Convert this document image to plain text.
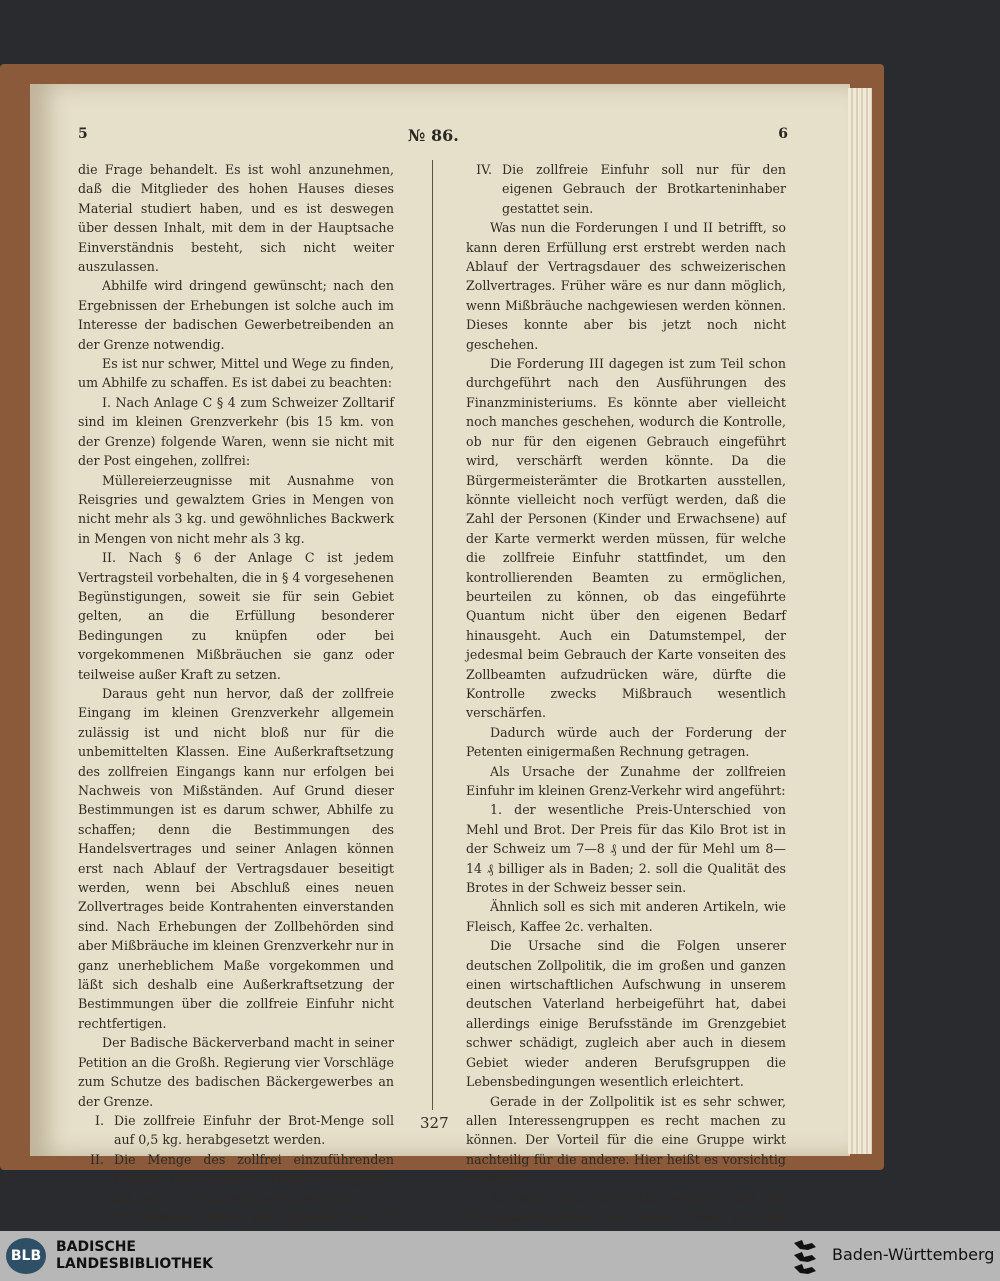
5	№ 86.	6

die Frage behandelt. Es ist wohl anzunehmen, daß die Mitglieder des hohen Hauses dieses Material studiert haben, und es ist deswegen über dessen Inhalt, mit dem in der Hauptsache Einverständnis besteht, sich nicht weiter auszulassen.

Abhilfe wird dringend gewünscht; nach den Ergebnissen der Erhebungen ist solche auch im Interesse der badischen Gewerbetreibenden an der Grenze notwendig.

Es ist nur schwer, Mittel und Wege zu finden, um Abhilfe zu schaffen. Es ist dabei zu beachten:

I. Nach Anlage C § 4 zum Schweizer Zolltarif sind im kleinen Grenzverkehr (bis 15 km. von der Grenze) folgende Waren, wenn sie nicht mit der Post eingehen, zollfrei:

Müllereierzeugnisse mit Ausnahme von Reisgries und gewalztem Gries in Mengen von nicht mehr als 3 kg. und gewöhnliches Backwerk in Mengen von nicht mehr als 3 kg.

II. Nach § 6 der Anlage C ist jedem Vertragsteil vorbehalten, die in § 4 vorgesehenen Begünstigungen, soweit sie für sein Gebiet gelten, an die Erfüllung besonderer Bedingungen zu knüpfen oder bei vorgekommenen Mißbräuchen sie ganz oder teilweise außer Kraft zu setzen.

Daraus geht nun hervor, daß der zollfreie Eingang im kleinen Grenzverkehr allgemein zulässig ist und nicht bloß nur für die unbemittelten Klassen. Eine Außerkraftsetzung des zollfreien Eingangs kann nur erfolgen bei Nachweis von Mißständen. Auf Grund dieser Bestimmungen ist es darum schwer, Abhilfe zu schaffen; denn die Bestimmungen des Handelsvertrages und seiner Anlagen können erst nach Ablauf der Vertragsdauer beseitigt werden, wenn bei Abschluß eines neuen Zollvertrages beide Kontrahenten einverstanden sind. Nach Erhebungen der Zollbehörden sind aber Mißbräuche im kleinen Grenzverkehr nur in ganz unerheblichem Maße vorgekommen und läßt sich deshalb eine Außerkraftsetzung der Bestimmungen über die zollfreie Einfuhr nicht rechtfertigen.

Der Badische Bäckerverband macht in seiner Petition an die Großh. Regierung vier Vorschläge zum Schutze des badischen Bäckergewerbes an der Grenze.

I. Die zollfreie Einfuhr der Brot-Menge soll auf 0,5 kg. herabgesetzt werden.
II. Die Menge des zollfrei einzuführenden Mehles oder anderer Müllereierzeugnisse soll auf 1,5 kg. herabgesetzt werden.
III. Die zollfreie Einfuhr soll allgemein nur auf
IV. Die zollfreie Einfuhr soll nur für den eigenen Gebrauch der Brotkarteninhaber gestattet sein.

Was nun die Forderungen I und II betrifft, so kann deren Erfüllung erst erstrebt werden nach Ablauf der Vertragsdauer des schweizerischen Zollvertrages. Früher wäre es nur dann möglich, wenn Mißbräuche nachgewiesen werden können. Dieses konnte aber bis jetzt noch nicht geschehen.

Die Forderung III dagegen ist zum Teil schon durchgeführt nach den Ausführungen des Finanzministeriums. Es könnte aber vielleicht noch manches geschehen, wodurch die Kontrolle, ob nur für den eigenen Gebrauch eingeführt wird, verschärft werden könnte. Da die Bürgermeisterämter die Brotkarten ausstellen, könnte vielleicht noch verfügt werden, daß die Zahl der Personen (Kinder und Erwachsene) auf der Karte vermerkt werden müssen, für welche die zollfreie Einfuhr stattfindet, um den kontrollierenden Beamten zu ermöglichen, beurteilen zu können, ob das eingeführte Quantum nicht über den eigenen Bedarf hinausgeht. Auch ein Datumstempel, der jedesmal beim Gebrauch der Karte vonseiten des Zollbeamten aufzudrücken wäre, dürfte die Kontrolle zwecks Mißbrauch wesentlich verschärfen.

Dadurch würde auch der Forderung der Petenten einigermaßen Rechnung getragen.

Als Ursache der Zunahme der zollfreien Einfuhr im kleinen Grenz-Verkehr wird angeführt:

1. der wesentliche Preis-Unterschied von Mehl und Brot. Der Preis für das Kilo Brot ist in der Schweiz um 7—8 ₰ und der für Mehl um 8—14 ₰ billiger als in Baden; 2. soll die Qualität des Brotes in der Schweiz besser sein.

Ähnlich soll es sich mit anderen Artikeln, wie Fleisch, Kaffee 2c. verhalten.

Die Ursache sind die Folgen unserer deutschen Zollpolitik, die im großen und ganzen einen wirtschaftlichen Aufschwung in unserem deutschen Vaterland herbeigeführt hat, dabei allerdings einige Berufsstände im Grenzgebiet schwer schädigt, zugleich aber auch in diesem Gebiet wieder anderen Berufsgruppen die Lebensbedingungen wesentlich erleichtert.

Gerade in der Zollpolitik ist es sehr schwer, allen Interessengruppen es recht machen zu können. Der Vorteil für die eine Gruppe wirkt nachteilig für die andere. Hier heißt es vorsichtig erwägen.

Es darf nicht übersehen werden, daß bei Vertragsabschlüssen es immer zwei Parteien

327
BLB
BADISCHE
LANDESBIBLIOTHEK	Baden-Württemberg
